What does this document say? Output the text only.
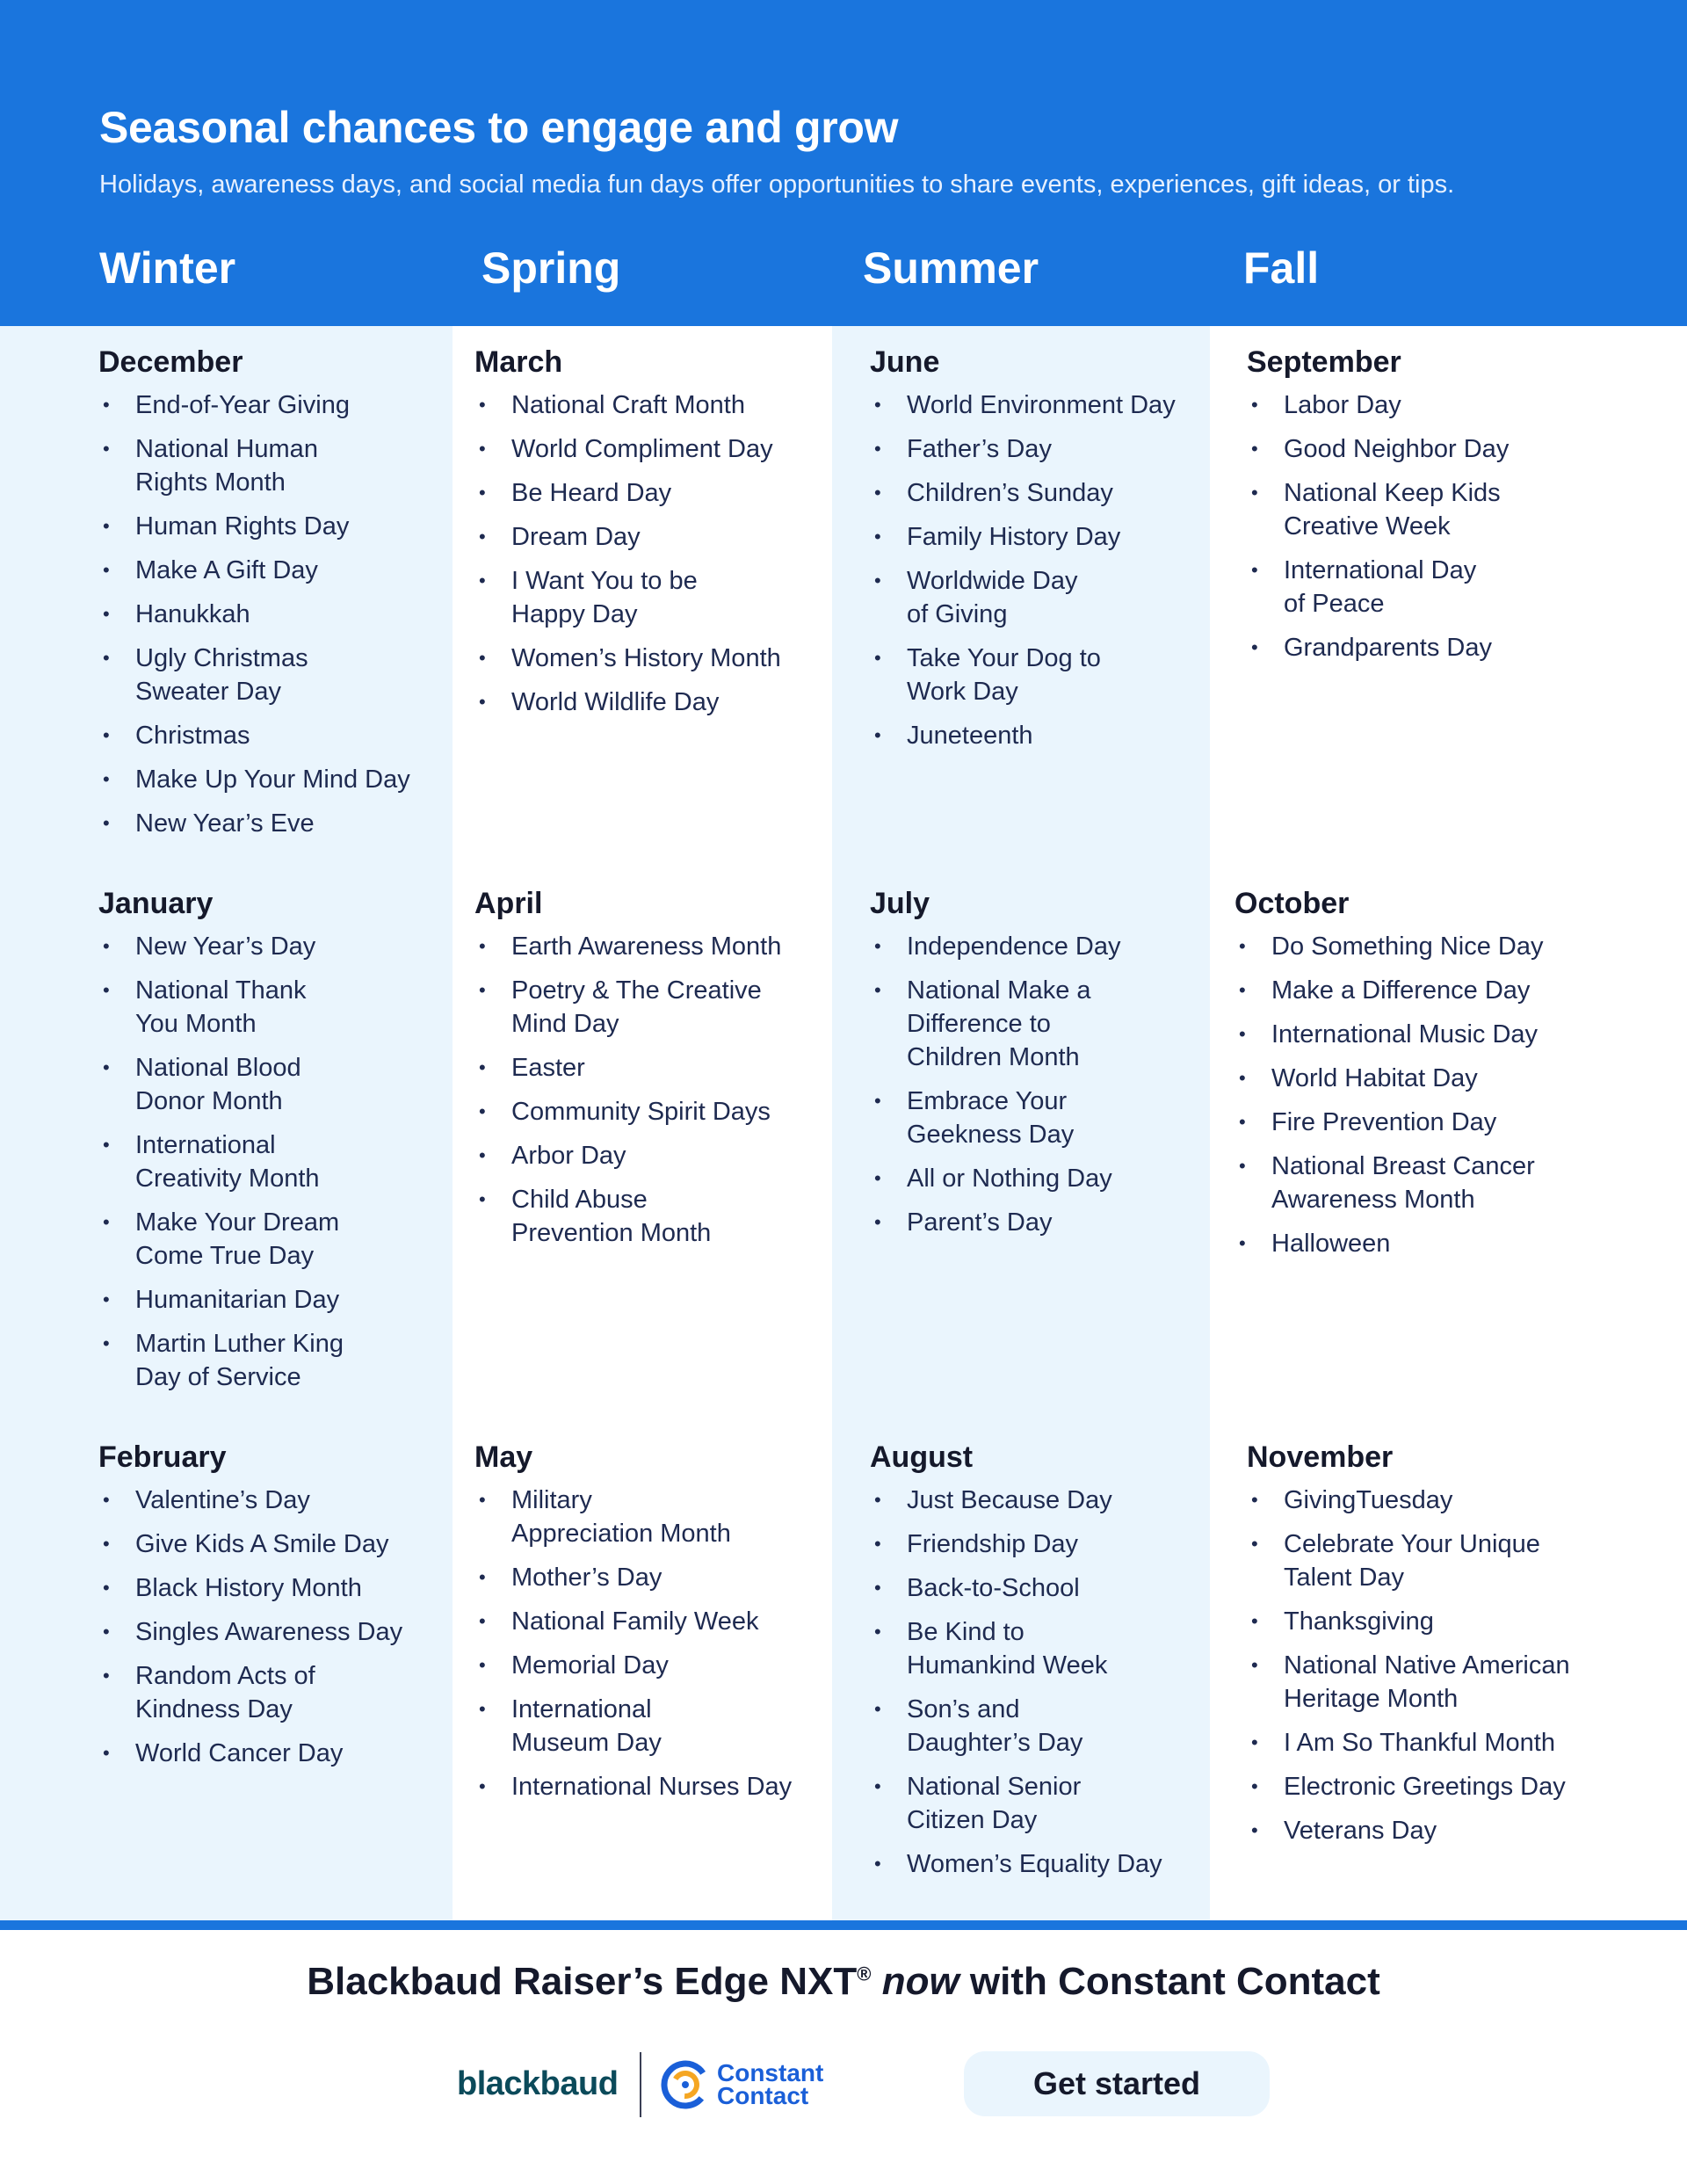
Seasonal chances to engage and grow

Holidays, awareness days, and social media fun days offer opportunities to share events, experiences, gift ideas, or tips.

Winter	Spring	Summer	Fall
December
• End-of-Year Giving
• National Human
Rights Month
• Human Rights Day
• Make A Gift Day
• Hanukkah
• Ugly Christmas
Sweater Day
• Christmas
• Make Up Your Mind Day
• New Year’s Eve
January
• New Year’s Day
• National Thank
You Month
• National Blood
Donor Month
• International
Creativity Month
• Make Your Dream
Come True Day
• Humanitarian Day
• Martin Luther King
Day of Service
February
• Valentine’s Day
• Give Kids A Smile Day
• Black History Month
• Singles Awareness Day
• Random Acts of
Kindness Day
• World Cancer Day
March
• National Craft Month
• World Compliment Day
• Be Heard Day
• Dream Day
• I Want You to be
Happy Day
• Women’s History Month
• World Wildlife Day
April
• Earth Awareness Month
• Poetry & The Creative
Mind Day
• Easter
• Community Spirit Days
• Arbor Day
• Child Abuse
Prevention Month
May
• Military
Appreciation Month
• Mother’s Day
• National Family Week
• Memorial Day
• International
Museum Day
• International Nurses Day
June
• World Environment Day
• Father’s Day
• Children’s Sunday
• Family History Day
• Worldwide Day
of Giving
• Take Your Dog to
Work Day
• Juneteenth
July
• Independence Day
• National Make a
Difference to
Children Month
• Embrace Your
Geekness Day
• All or Nothing Day
• Parent’s Day
August
• Just Because Day
• Friendship Day
• Back-to-School
• Be Kind to
Humankind Week
• Son’s and
Daughter’s Day
• National Senior
Citizen Day
• Women’s Equality Day
September
• Labor Day
• Good Neighbor Day
• National Keep Kids
Creative Week
• International Day
of Peace
• Grandparents Day
October
• Do Something Nice Day
• Make a Difference Day
• International Music Day
• World Habitat Day
• Fire Prevention Day
• National Breast Cancer
Awareness Month
• Halloween
November
• GivingTuesday
• Celebrate Your Unique
Talent Day
• Thanksgiving
• National Native American
Heritage Month
• I Am So Thankful Month
• Electronic Greetings Day
• Veterans Day
Blackbaud Raiser’s Edge NXT® now with Constant Contact
blackbaud	Constant
Contact	Get started
